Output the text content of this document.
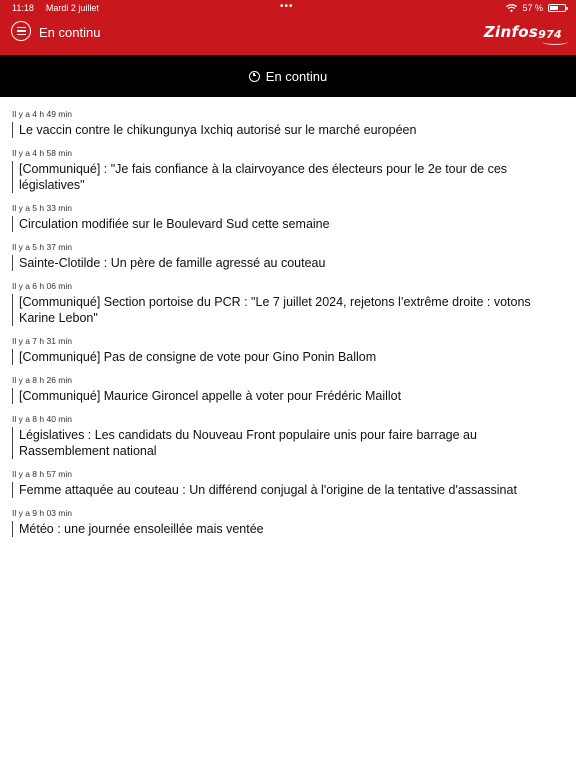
11:18 Mardi 2 juillet	•••	57 %
En continu	Zinfos$_{974}$
En continu
Il y a 4 h 49 min
Le vaccin contre le chikungunya Ixchiq autorisé sur le marché européen
Il y a 4 h 58 min
[Communiqué] : "Je fais confiance à la clairvoyance des électeurs pour le 2e tour de ces législatives"
Il y a 5 h 33 min
Circulation modifiée sur le Boulevard Sud cette semaine
Il y a 5 h 37 min
Sainte-Clotilde : Un père de famille agressé au couteau
Il y a 6 h 06 min
[Communiqué] Section portoise du PCR : "Le 7 juillet 2024, rejetons l’extrême droite : votons Karine Lebon"
Il y a 7 h 31 min
[Communiqué] Pas de consigne de vote pour Gino Ponin Ballom
Il y a 8 h 26 min
[Communiqué] Maurice Gironcel appelle à voter pour Frédéric Maillot
Il y a 8 h 40 min
Législatives : Les candidats du Nouveau Front populaire unis pour faire barrage au Rassemblement national
Il y a 8 h 57 min
Femme attaquée au couteau : Un différend conjugal à l'origine de la tentative d'assassinat
Il y a 9 h 03 min
Météo : une journée ensoleillée mais ventée
